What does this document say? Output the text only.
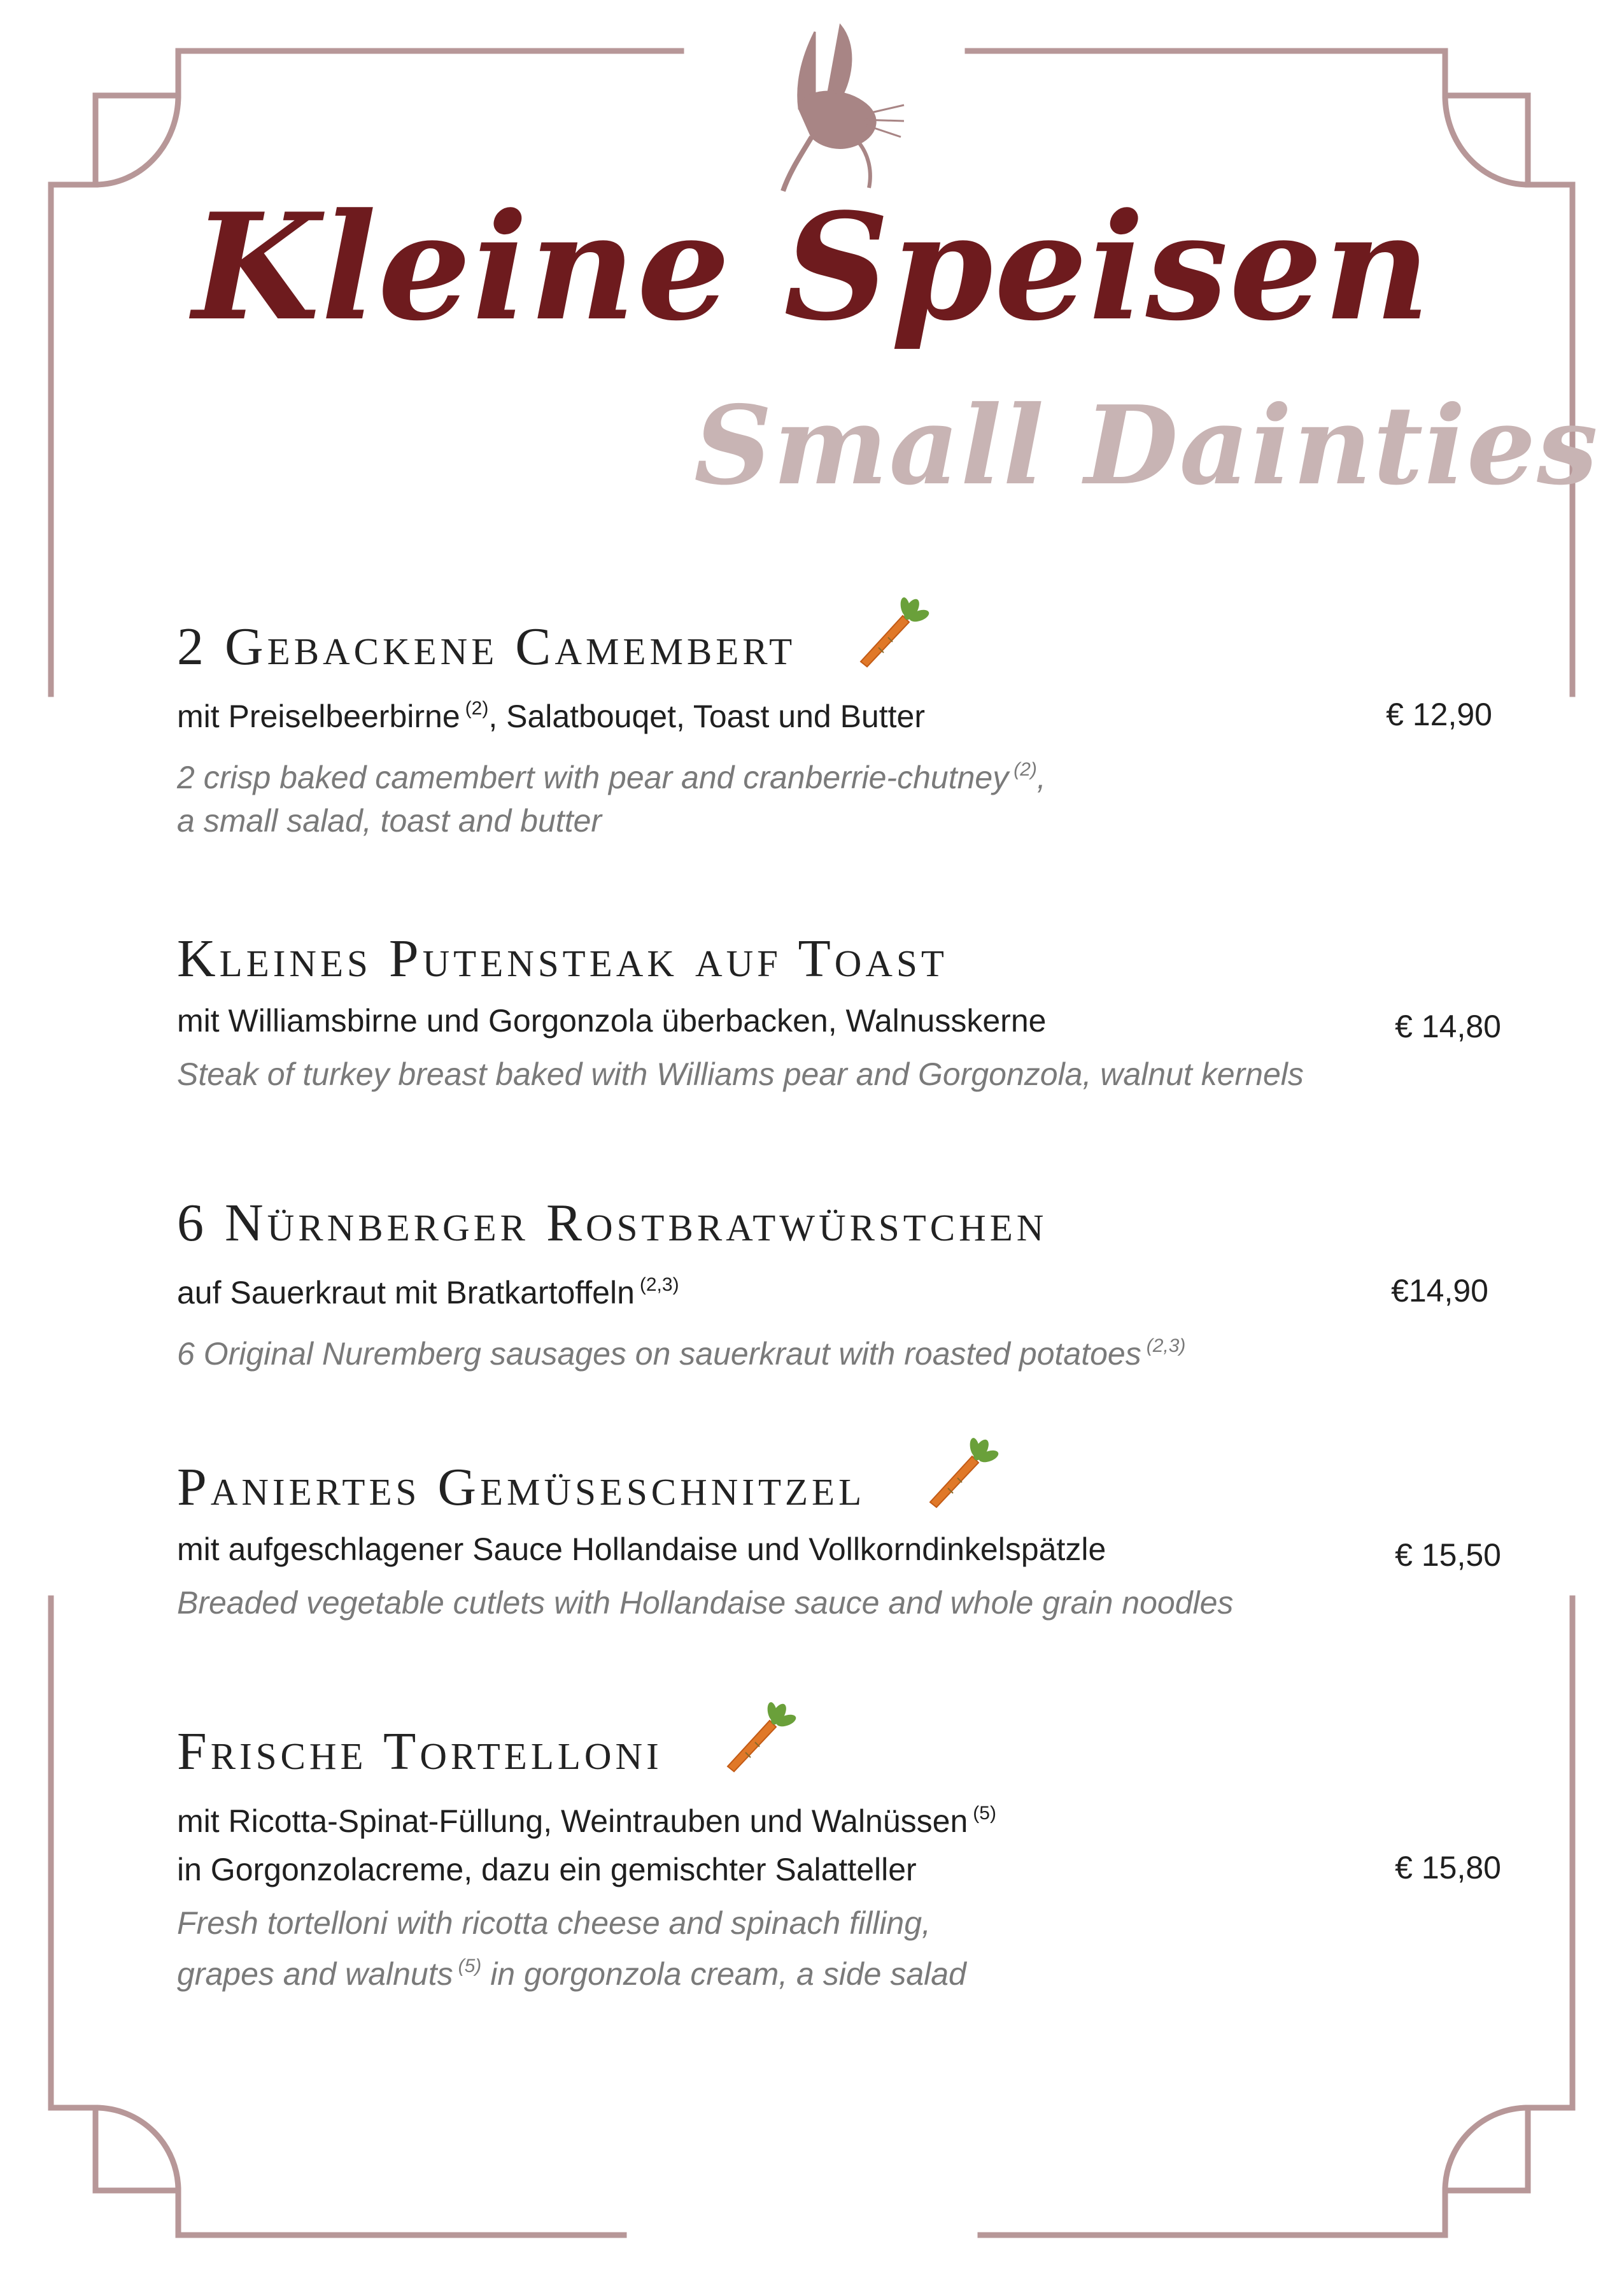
Kleine Speisen
Small Dainties
2 Gebackene Camembert
mit Preiselbeerbirne $^{(2)}$, Salatbouqet, Toast und Butter	€ 12,90
2 crisp baked camembert with pear and cranberrie-chutney $^{(2)}$,
a small salad, toast and butter
Kleines Putensteak auf Toast
mit Williamsbirne und Gorgonzola überbacken, Walnusskerne	€ 14,80
Steak of turkey breast baked with Williams pear and Gorgonzola, walnut kernels
6 Nürnberger Rostbratwürstchen
auf Sauerkraut mit Bratkartoffeln $^{(2,3)}$	€14,90
6 Original Nuremberg sausages on sauerkraut with roasted potatoes $^{(2,3)}$
Paniertes Gemüseschnitzel
mit aufgeschlagener Sauce Hollandaise und Vollkorndinkelspätzle	€ 15,50
Breaded vegetable cutlets with Hollandaise sauce and whole grain noodles
Frische Tortelloni
mit Ricotta-Spinat-Füllung, Weintrauben und Walnüssen $^{(5)}$
in Gorgonzolacreme, dazu ein gemischter Salatteller	€ 15,80
Fresh tortelloni with ricotta cheese and spinach filling,
grapes and walnuts $^{(5)}$ in gorgonzola cream, a side salad
